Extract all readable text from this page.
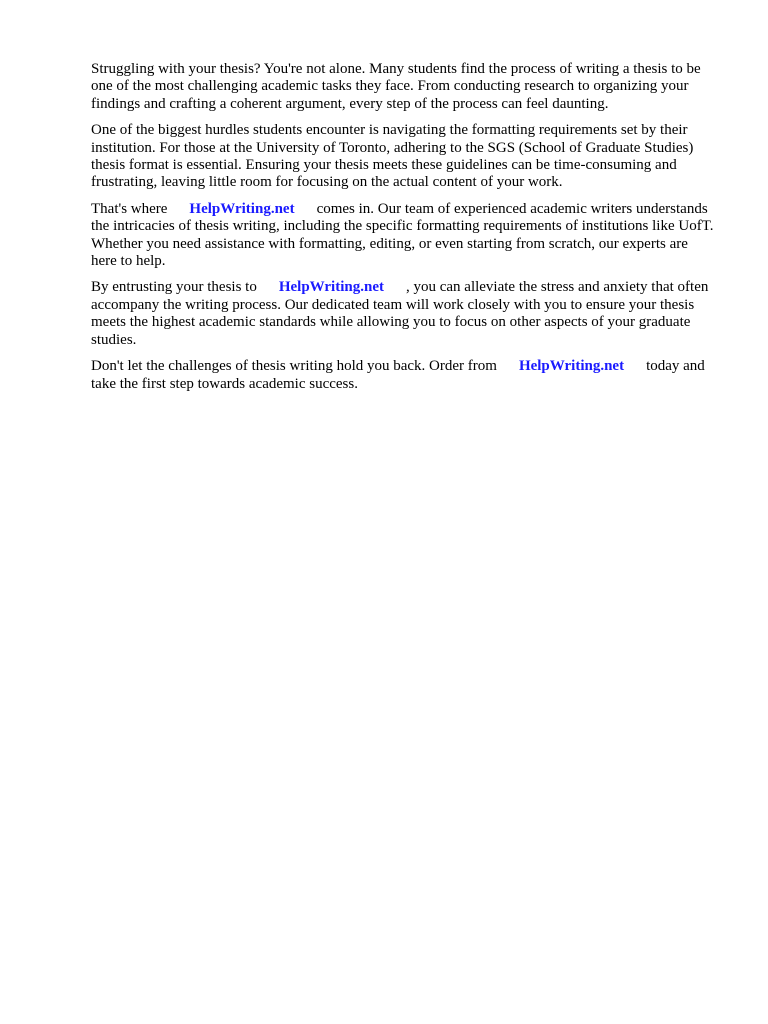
Struggling with your thesis? You're not alone. Many students find the process of writing a thesis to be one of the most challenging academic tasks they face. From conducting research to organizing your findings and crafting a coherent argument, every step of the process can feel daunting.

One of the biggest hurdles students encounter is navigating the formatting requirements set by their institution. For those at the University of Toronto, adhering to the SGS (School of Graduate Studies) thesis format is essential. Ensuring your thesis meets these guidelines can be time-consuming and frustrating, leaving little room for focusing on the actual content of your work.

That's where HelpWriting.net comes in. Our team of experienced academic writers understands the intricacies of thesis writing, including the specific formatting requirements of institutions like UofT. Whether you need assistance with formatting, editing, or even starting from scratch, our experts are here to help.

By entrusting your thesis to HelpWriting.net , you can alleviate the stress and anxiety that often accompany the writing process. Our dedicated team will work closely with you to ensure your thesis meets the highest academic standards while allowing you to focus on other aspects of your graduate studies.

Don't let the challenges of thesis writing hold you back. Order from HelpWriting.net today and take the first step towards academic success.
